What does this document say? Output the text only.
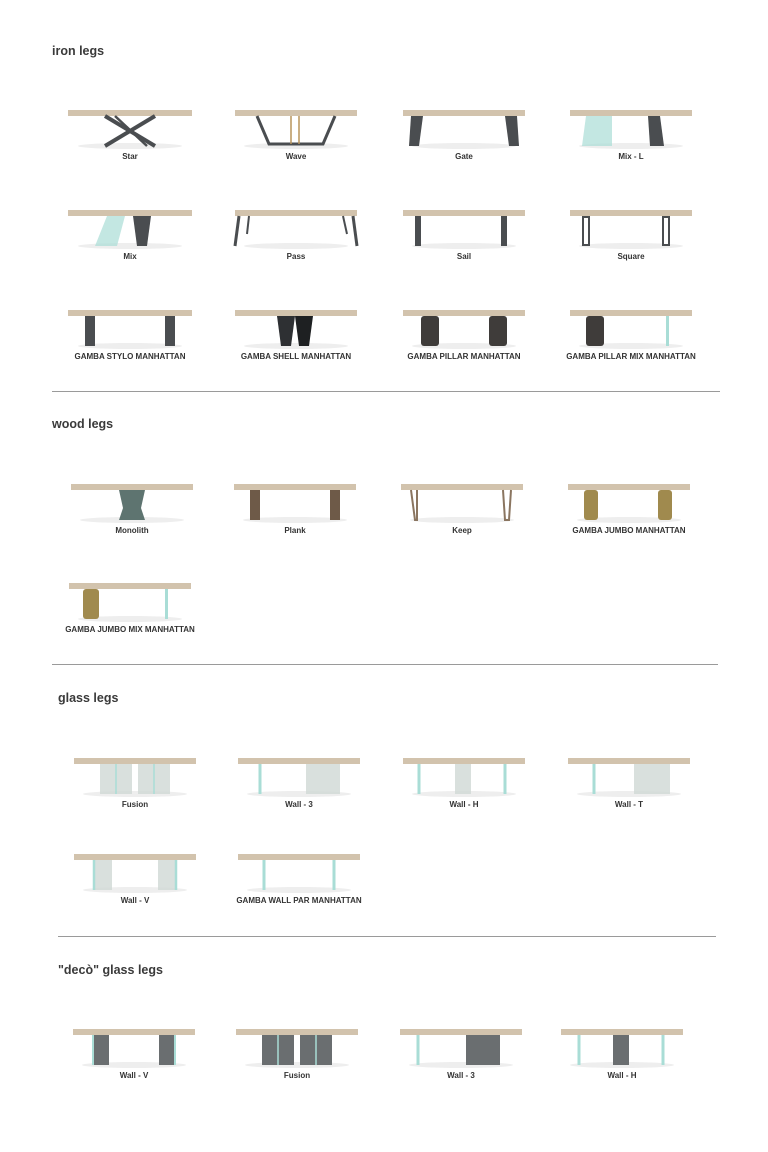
iron legs
Star	Wave	Gate	Mix - L
Mix	Pass	Sail	Square
GAMBA STYLO MANHATTAN	GAMBA SHELL MANHATTAN	GAMBA PILLAR MANHATTAN	GAMBA PILLAR MIX MANHATTAN
wood legs
Monolith	Plank	Keep	GAMBA JUMBO MANHATTAN
GAMBA JUMBO MIX MANHATTAN
glass legs
Fusion	Wall - 3	Wall - H	Wall - T
Wall - V	GAMBA WALL PAR MANHATTAN
"decò" glass legs
Wall - V	Fusion	Wall - 3	Wall - H
